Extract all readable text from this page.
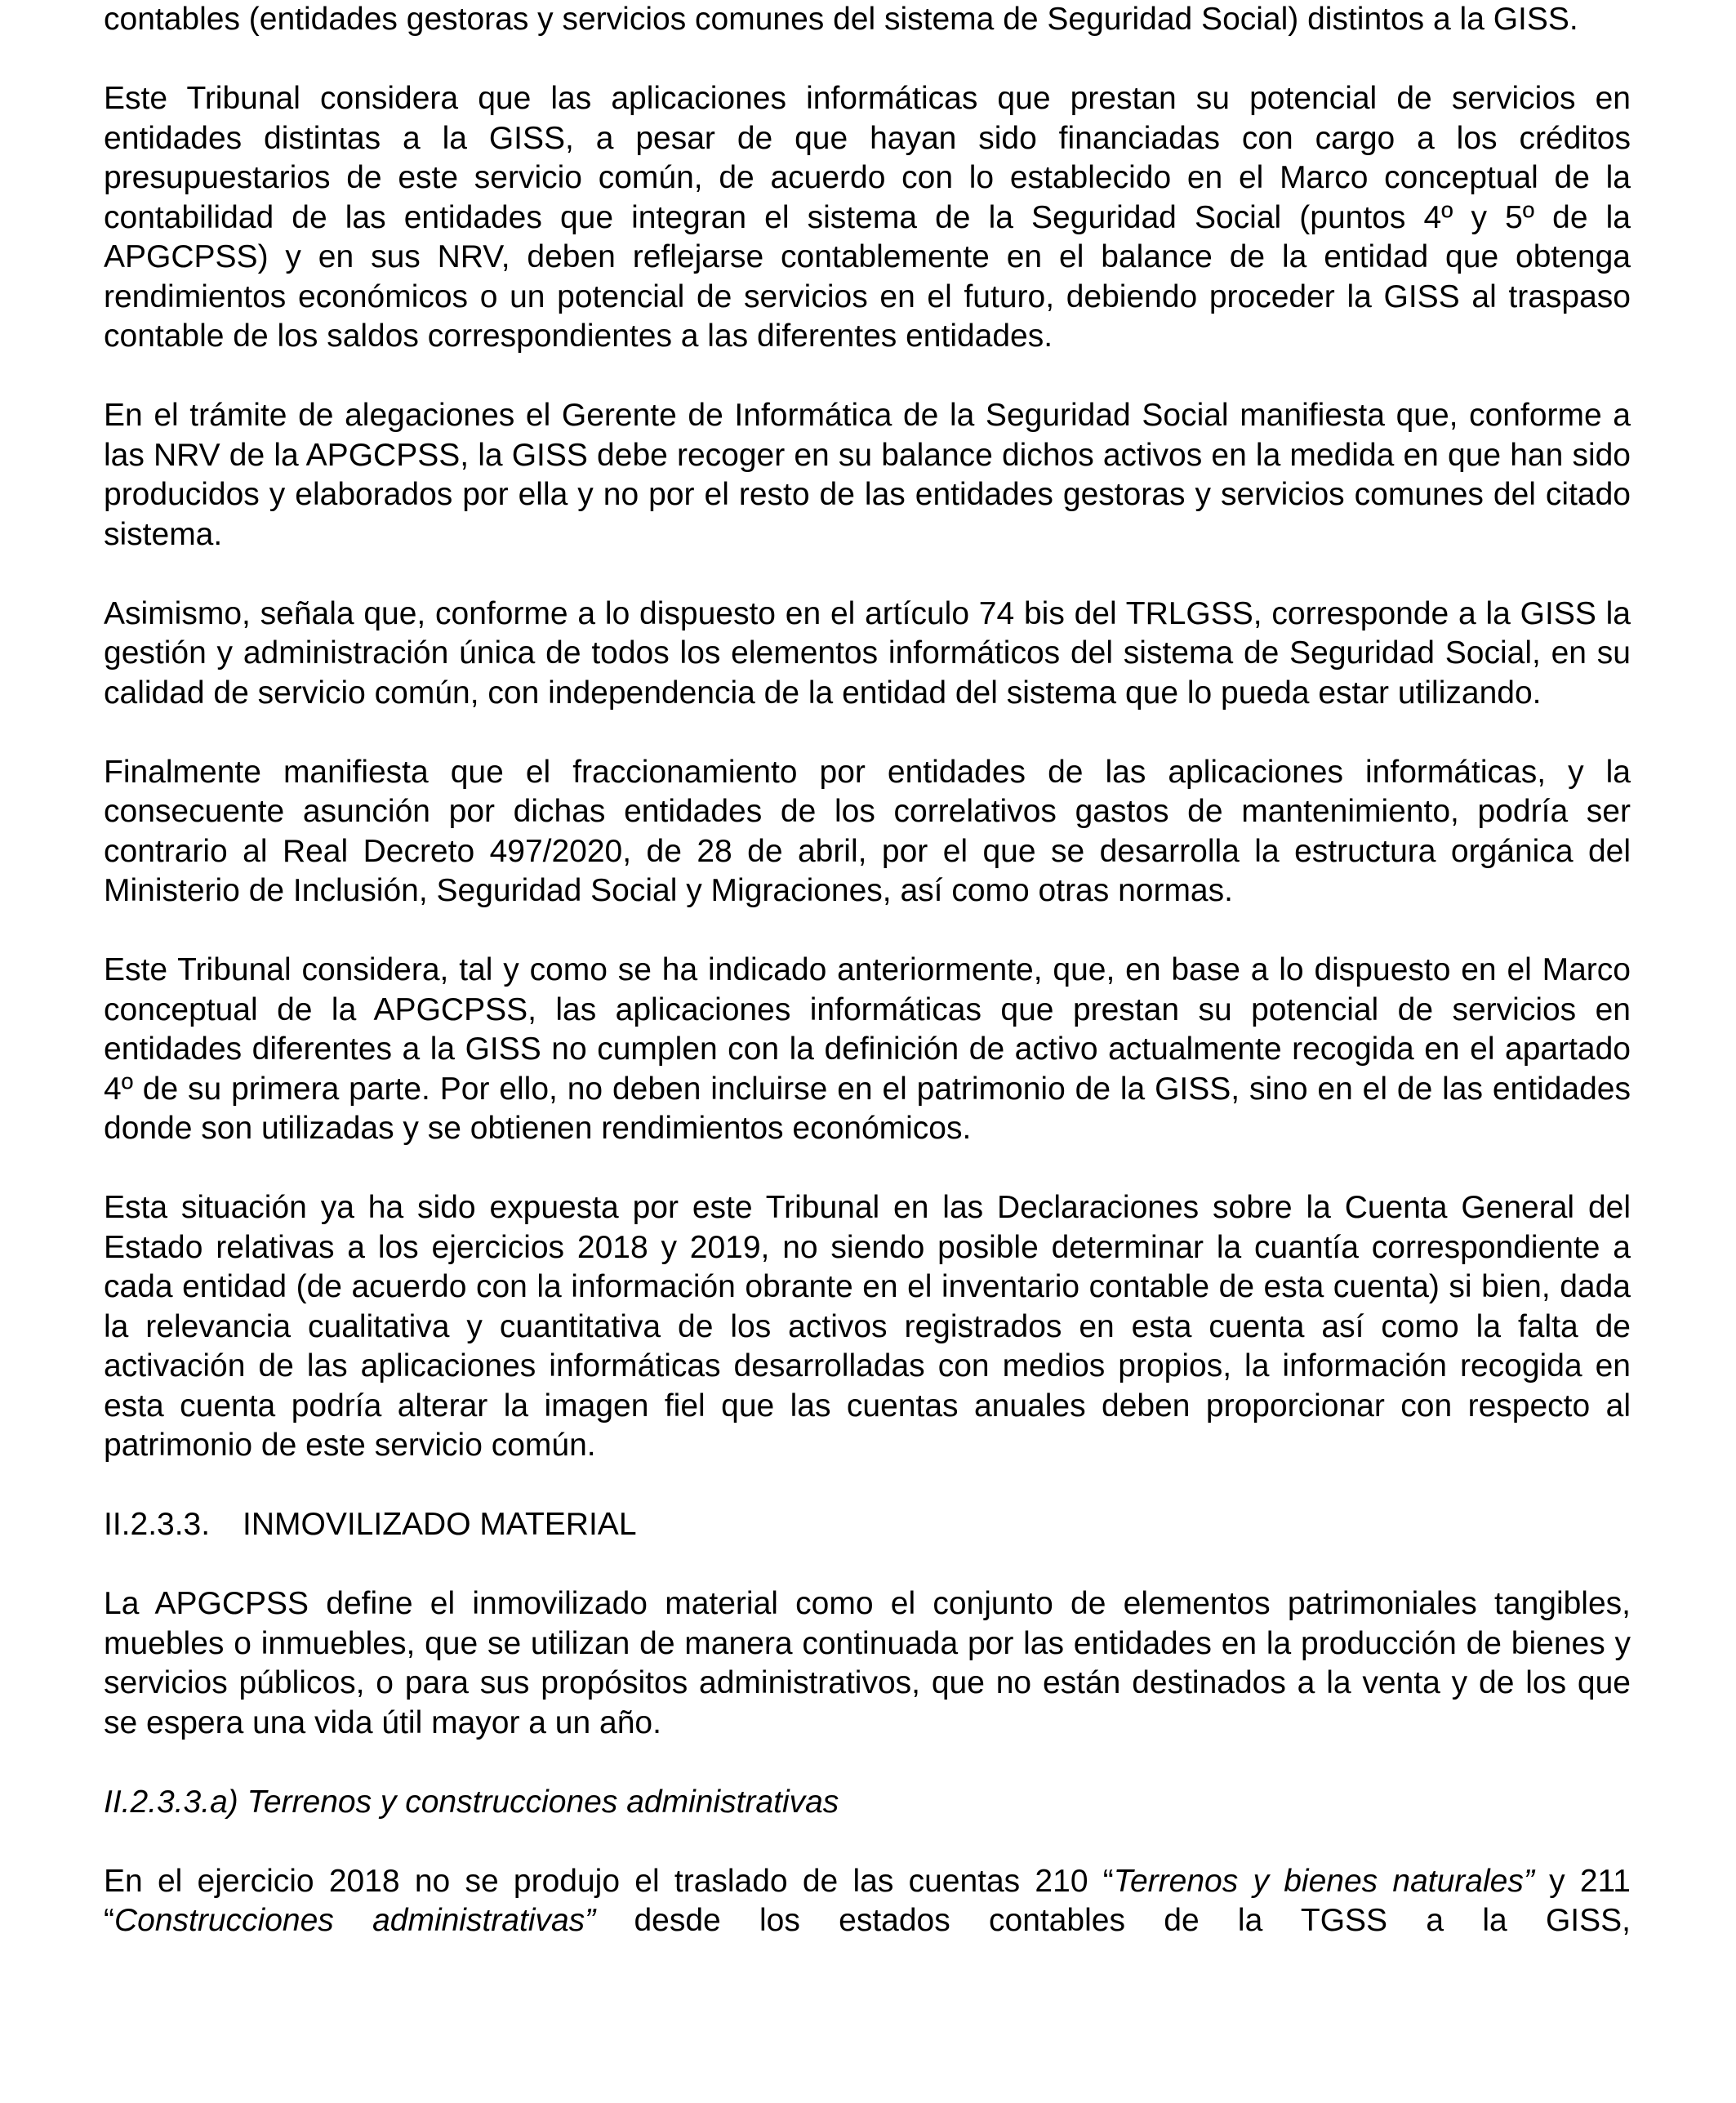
contables (entidades gestoras y servicios comunes del sistema de Seguridad Social) distintos a la GISS.

Este Tribunal considera que las aplicaciones informáticas que prestan su potencial de servicios en entidades distintas a la GISS, a pesar de que hayan sido financiadas con cargo a los créditos presupuestarios de este servicio común, de acuerdo con lo establecido en el Marco conceptual de la contabilidad de las entidades que integran el sistema de la Seguridad Social (puntos 4º y 5º de la APGCPSS) y en sus NRV, deben reflejarse contablemente en el balance de la entidad que obtenga rendimientos económicos o un potencial de servicios en el futuro, debiendo proceder la GISS al traspaso contable de los saldos correspondientes a las diferentes entidades.

En el trámite de alegaciones el Gerente de Informática de la Seguridad Social manifiesta que, conforme a las NRV de la APGCPSS, la GISS debe recoger en su balance dichos activos en la medida en que han sido producidos y elaborados por ella y no por el resto de las entidades gestoras y servicios comunes del citado sistema.

Asimismo, señala que, conforme a lo dispuesto en el artículo 74 bis del TRLGSS, corresponde a la GISS la gestión y administración única de todos los elementos informáticos del sistema de Seguridad Social, en su calidad de servicio común, con independencia de la entidad del sistema que lo pueda estar utilizando.

Finalmente manifiesta que el fraccionamiento por entidades de las aplicaciones informáticas, y la consecuente asunción por dichas entidades de los correlativos gastos de mantenimiento, podría ser contrario al Real Decreto 497/2020, de 28 de abril, por el que se desarrolla la estructura orgánica del Ministerio de Inclusión, Seguridad Social y Migraciones, así como otras normas.

Este Tribunal considera, tal y como se ha indicado anteriormente, que, en base a lo dispuesto en el Marco conceptual de la APGCPSS, las aplicaciones informáticas que prestan su potencial de servicios en entidades diferentes a la GISS no cumplen con la definición de activo actualmente recogida en el apartado 4º de su primera parte. Por ello, no deben incluirse en el patrimonio de la GISS, sino en el de las entidades donde son utilizadas y se obtienen rendimientos económicos.

Esta situación ya ha sido expuesta por este Tribunal en las Declaraciones sobre la Cuenta General del Estado relativas a los ejercicios 2018 y 2019, no siendo posible determinar la cuantía correspondiente a cada entidad (de acuerdo con la información obrante en el inventario contable de esta cuenta) si bien, dada la relevancia cualitativa y cuantitativa de los activos registrados en esta cuenta así como la falta de activación de las aplicaciones informáticas desarrolladas con medios propios, la información recogida en esta cuenta podría alterar la imagen fiel que las cuentas anuales deben proporcionar con respecto al patrimonio de este servicio común.

II.2.3.3. INMOVILIZADO MATERIAL

La APGCPSS define el inmovilizado material como el conjunto de elementos patrimoniales tangibles, muebles o inmuebles, que se utilizan de manera continuada por las entidades en la producción de bienes y servicios públicos, o para sus propósitos administrativos, que no están destinados a la venta y de los que se espera una vida útil mayor a un año.

II.2.3.3.a) Terrenos y construcciones administrativas

En el ejercicio 2018 no se produjo el traslado de las cuentas 210 “Terrenos y bienes naturales” y 211 “Construcciones administrativas” desde los estados contables de la TGSS a la GISS,
